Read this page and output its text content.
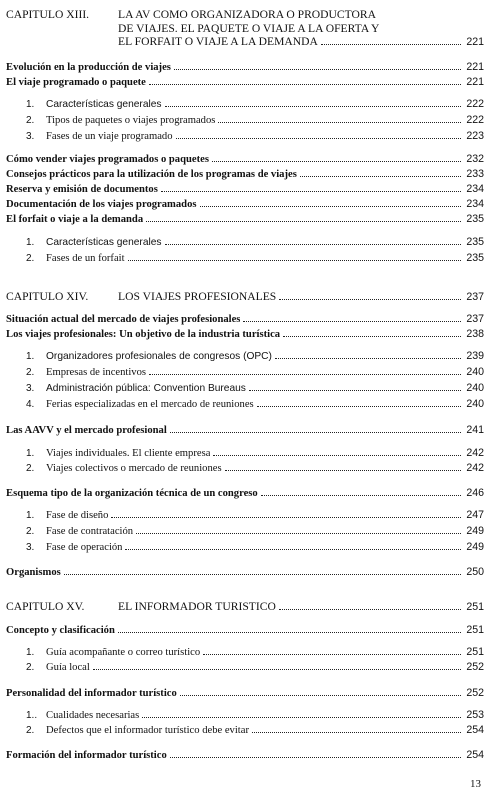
CAPITULO XIII. LA AV COMO ORGANIZADORA O PRODUCTORA
DE VIAJES. EL PAQUETE O VIAJE A LA OFERTA Y
EL FORFAIT O VIAJE A LA DEMANDA	221
Evolución en la producción de viajes	221
El viaje programado o paquete	221
1.	Características generales	222
2.	Tipos de paquetes o viajes programados	222
3.	Fases de un viaje programado	223
Cómo vender viajes programados o paquetes	232
Consejos prácticos para la utilización de los programas de viajes	233
Reserva y emisión de documentos	234
Documentación de los viajes programados	234
El forfait o viaje a la demanda	235
1.	Características generales	235
2.	Fases de un forfait	235
CAPITULO XIV.	LOS VIAJES PROFESIONALES	237
Situación actual del mercado de viajes profesionales	237
Los viajes profesionales: Un objetivo de la industria turística	238
1.	Organizadores profesionales de congresos (OPC)	239
2.	Empresas de incentivos	240
3.	Administración pública: Convention Bureaus	240
4.	Ferias especializadas en el mercado de reuniones	240
Las AAVV y el mercado profesional	241
1.	Viajes individuales. El cliente empresa	242
2.	Viajes colectivos o mercado de reuniones	242
Esquema tipo de la organización técnica de un congreso	246
1.	Fase de diseño	247
2.	Fase de contratación	249
3.	Fase de operación	249
Organismos	250
CAPITULO XV.	EL INFORMADOR TURISTICO	251
Concepto y clasificación	251
1.	Guía acompañante o correo turístico	251
2.	Guía local	252
Personalidad del informador turístico	252
1.. Cualidades necesarias	253
2.	Defectos que el informador turístico debe evitar	254
Formación del informador turístico	254
13
